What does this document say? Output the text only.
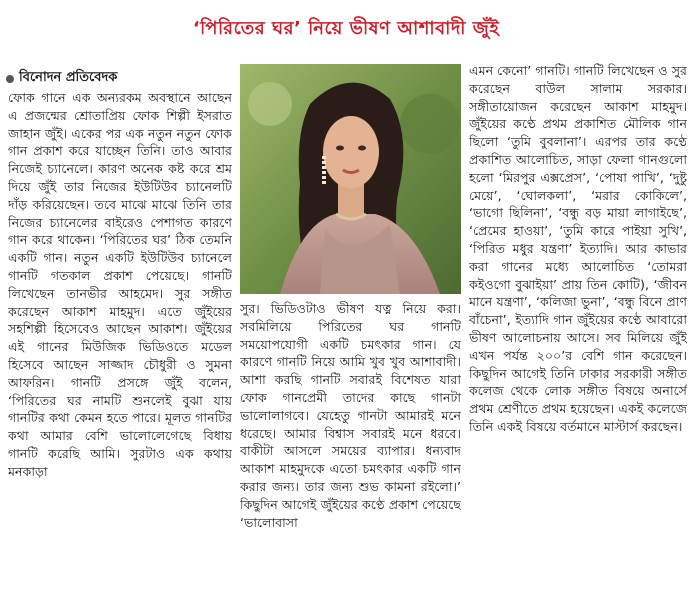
‘পিরিতের ঘর’ নিয়ে ভীষণ আশাবাদী জুঁই
বিনোদন প্রতিবেদক

ফোক গানে এক অন্যরকম অবস্থানে আছেন এ প্রজন্মের শ্রোতাপ্রিয় ফোক শিল্পী ইসরাত জাহান জুঁই। একের পর এক নতুন নতুন ফোক গান প্রকাশ করে যাচ্ছেন তিনি। তাও আবার নিজেই চ্যানেলে। কারণ অনেক কষ্ট করে শ্রম দিয়ে জুঁই তার নিজের ইউটিউব চ্যানেলটি দাঁড় করিয়েছেন। তবে মাঝে মাঝে তিনি তার নিজের চ্যানেলের বাইরেও পেশাগত কারণে গান করে থাকেন। ‘পিরিতের ঘর’ ঠিক তেমনি একটি গান। নতুন একটি ইউটিউব চ্যানেলে গানটি গতকাল প্রকাশ পেয়েছে। গানটি লিখেছেন তানভীর আহমেদ। সুর সঙ্গীত করেছেন আকাশ মাহমুদ। এতে জুঁইয়ের সহশিল্পী হিসেবেও আছেন আকাশ। জুঁইয়ের এই গানের মিউজিক ভিডিওতে মডেল হিসেবে আছেন সাজ্জাদ চৌধুরী ও সুমনা আফরিন। গানটি প্রসঙ্গে জুঁই বলেন, ‘পিরিতের ঘর নামটি শুনলেই বুঝা যায় গানটির কথা কেমন হতে পারে। মূলত গানটির কথা আমার বেশি ভালোলেগেছে বিধায় গানটি করেছি আমি। সুরটাও এক কথায় মনকাড়া

সুর। ভিডিওটাও ভীষণ যত্ন নিয়ে করা। সবমিলিয়ে পিরিতের ঘর গানটি সময়োপযোগী একটি চমৎকার গান। যে কারণে গানটি নিয়ে আমি খুব খুব আশাবাদী। আশা করছি গানটি সবারই বিশেষত যারা ফোক গানপ্রেমী তাদের কাছে গানটা ভালোলাগবে। যেহেতু গানটা আমারই মনে ধরেছে। আমার বিশ্বাস সবারই মনে ধরবে। বাকীটা আসলে সময়ের ব্যাপার। ধন্যবাদ আকাশ মাহমুদকে এতো চমৎকার একটি গান করার জন্য। তার জন্য শুভ কামনা রইলো।’ কিছুদিন আগেই জুঁইয়ের কণ্ঠে প্রকাশ পেয়েছে ‘ভালোবাসা

এমন কেনো’ গানটি। গানটি লিখেছেন ও সুর করেছেন বাউল সালাম সরকার। সঙ্গীতায়োজন করেছেন আকাশ মাহমুদ। জুঁইয়ের কণ্ঠে প্রথম প্রকাশিত মৌলিক গান ছিলো ‘তুমি বুবলানা’। এরপর তার কণ্ঠে প্রকাশিত আলোচিত, সাড়া ফেলা গানগুলো হলো ‘মিরপুর এক্সপ্রেস’, ‘পোষা পাখি’, ‘দুষ্টু মেয়ে’, ‘ঘোলকলা’, ‘মরার কোকিলে’, ‘ভাগো ছিলিনা’, ‘বন্ধু বড় মায়া লাগাইছে’, ‘প্রেমের হাওয়া’, ‘তুমি কারে পাইয়া সুখি’, ‘পিরিত মধুর যন্ত্রণা’ ইত্যাদি। আর কাভার করা গানের মধ্যে আলোচিত ‘তোমরা কইওগো বুঝাইয়া’ প্রায় তিন কোটি), ‘জীবন মানে যন্ত্রণা’, ‘কলিজা ভুনা’, ‘বন্ধু বিনে প্রাণ বাঁচেনা’, ইত্যাদি গান জুঁইয়ের কণ্ঠে আবারো ভীষণ আলোচনায় আসে। সব মিলিয়ে জুঁই এখন পর্যন্ত ২০০’র বেশি গান করেছেন। কিছুদিন আগেই তিনি ঢাকার সরকারী সঙ্গীত কলেজ থেকে লোক সঙ্গীত বিষয়ে অনার্সে প্রথম শ্রেণীতে প্রথম হয়েছেন। একই কলেজে তিনি একই বিষয়ে বর্তমানে মাস্টার্স করছেন।
